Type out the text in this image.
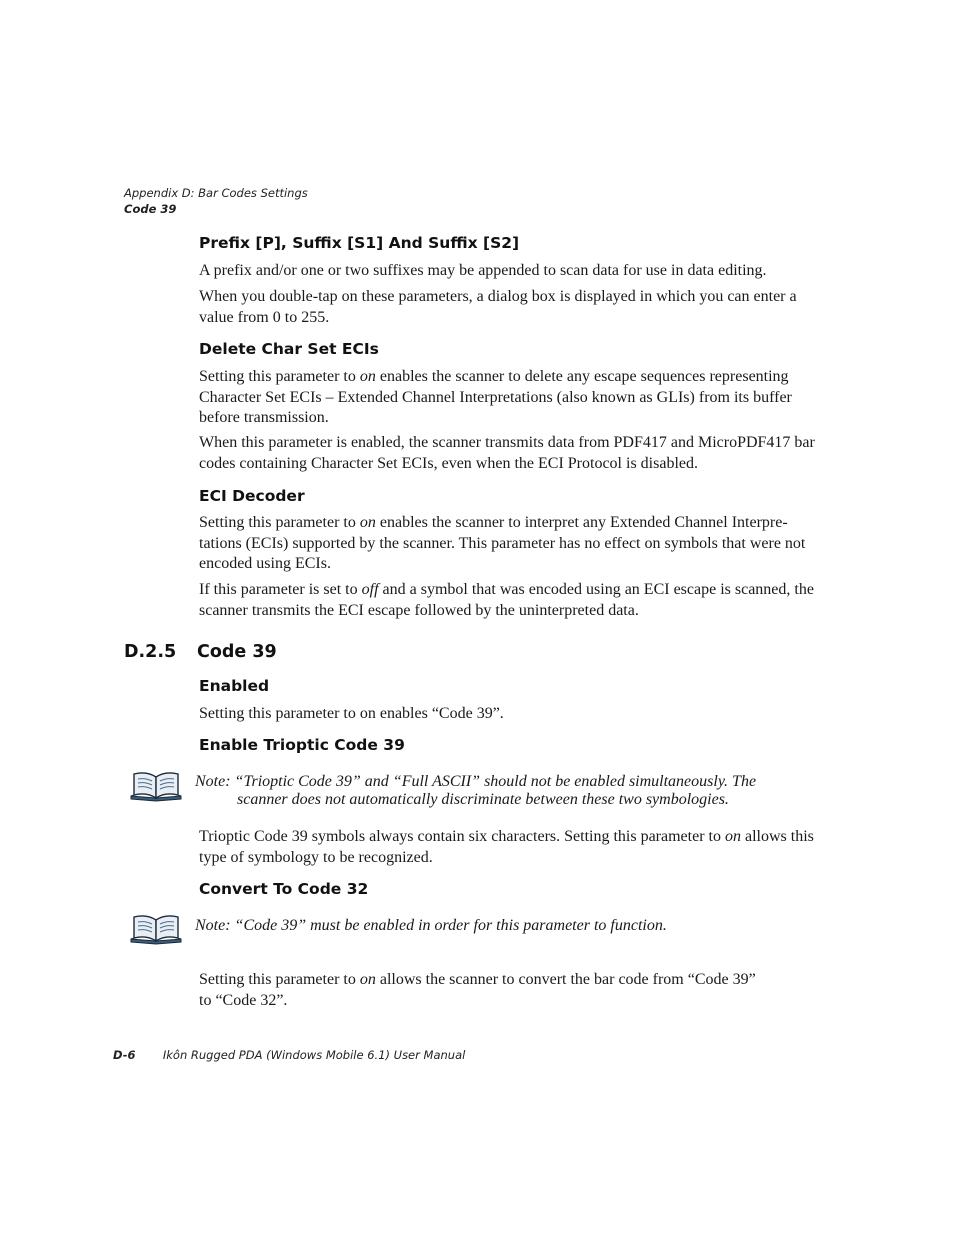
Appendix D: Bar Codes Settings
Code 39
Prefix [P], Suffix [S1] And Suffix [S2]
A prefix and/or one or two suffixes may be appended to scan data for use in data editing.
When you double-tap on these parameters, a dialog box is displayed in which you can enter a value from 0 to 255.
Delete Char Set ECIs
Setting this parameter to on enables the scanner to delete any escape sequences representing Character Set ECIs – Extended Channel Interpretations (also known as GLIs) from its buffer before transmission.
When this parameter is enabled, the scanner transmits data from PDF417 and MicroPDF417 bar codes containing Character Set ECIs, even when the ECI Protocol is disabled.
ECI Decoder
Setting this parameter to on enables the scanner to interpret any Extended Channel Interpre-tations (ECIs) supported by the scanner. This parameter has no effect on symbols that were not encoded using ECIs.
If this parameter is set to off and a symbol that was encoded using an ECI escape is scanned, the scanner transmits the ECI escape followed by the uninterpreted data.
D.2.5 Code 39
Enabled
Setting this parameter to on enables “Code 39”.
Enable Trioptic Code 39
Note: “Trioptic Code 39” and “Full ASCII” should not be enabled simultaneously. The
scanner does not automatically discriminate between these two symbologies.
Trioptic Code 39 symbols always contain six characters. Setting this parameter to on allows this type of symbology to be recognized.
Convert To Code 32
Note: “Code 39” must be enabled in order for this parameter to function.
Setting this parameter to on allows the scanner to convert the bar code from “Code 39”
to “Code 32”.
D-6 Ikôn Rugged PDA (Windows Mobile 6.1) User Manual
